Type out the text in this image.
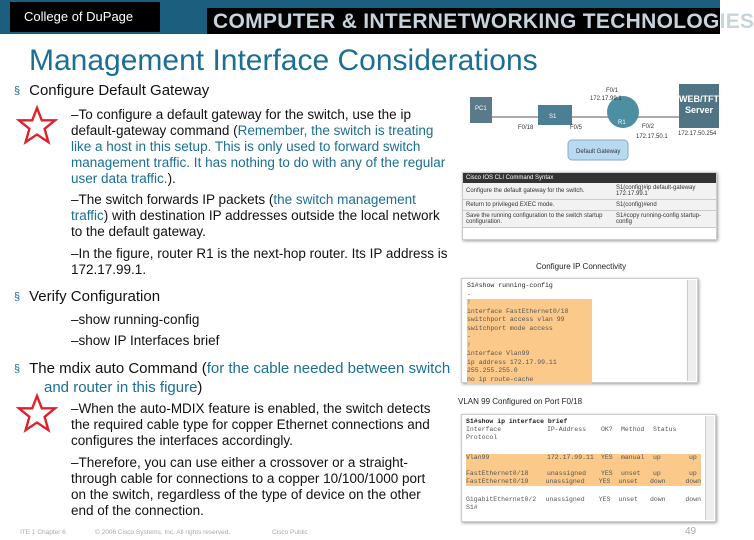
College of DuPage	COMPUTER & INTERNETWORKING TECHNOLOGIES
Management Interface Considerations
§ Configure Default Gateway
–To configure a default gateway for the switch, use the ip default-gateway command (Remember, the switch is treating like a host in this setup. This is only used to forward switch management traffic. It has nothing to do with any of the regular user data traffic.).
–The switch forwards IP packets (the switch management traffic) with destination IP addresses outside the local network to the default gateway.
–In the figure, router R1 is the next-hop router. Its IP address is 172.17.99.1.
§ Verify Configuration
–show running-config
–show IP Interfaces brief
§ The mdix auto Command (for the cable needed between switch and router in this figure)
–When the auto-MDIX feature is enabled, the switch detects the required cable type for copper Ethernet connections and configures the interfaces accordingly.
–Therefore, you can use either a crossover or a straight-through cable for connections to a copper 10/100/1000 port on the switch, regardless of the type of device on the other end of the connection.
PC1
S1
R1
F0/18	F0/5
F0/1
172.17.99.1
F0/2
172.17.50.1
Default Gateway
WEB/TFTP Server
172.17.50.254
Cisco IOS CLI Command Syntax	
Configure the default gateway for the switch.	S1(config)#ip default-gateway 172.17.99.1
Return to privileged EXEC mode.	S1(config)#end
Save the running configuration to the switch startup configuration.	S1#copy running-config startup-config
Configure IP Connectivity
S1#show running-config
-
!
interface FastEthernet0/18
switchport access vlan 99
switchport mode access
-
!
interface Vlan99
ip address 172.17.99.11 255.255.255.0
no ip route-cache
VLAN 99 Configured on Port F0/18
S1#show ip interface brief
Interface	IP-Address	OK?	Method	Status
Protocol
Vlan99	172.17.99.11 YES	manual	up	up
FastEthernet0/18	unassigned	YES	unset	up	up
FastEthernet0/19	unassigned	YES	unset	down	down
GigabitEthernet0/2	unassigned	YES	unset	down	down
S1#
ITE 1 Chapter 6	© 2006 Cisco Systems, Inc. All rights reserved.	Cisco Public	49
